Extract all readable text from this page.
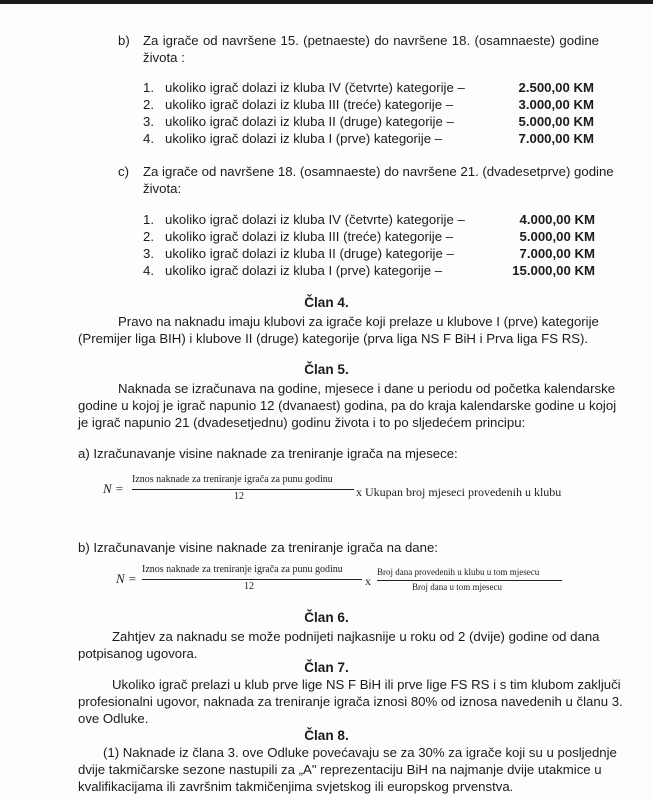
b)	Za igrače od navršene 15. (petnaeste) do navršene 18. (osamnaeste) godine
života :
1. ukoliko igrač dolazi iz kluba IV (četvrte) kategorije –	2.500,00 KM
2. ukoliko igrač dolazi iz kluba III (treće) kategorije –	3.000,00 KM
3. ukoliko igrač dolazi iz kluba II (druge) kategorije –	5.000,00 KM
4. ukoliko igrač dolazi iz kluba I (prve) kategorije –	7.000,00 KM
c)	Za igrače od navršene 18. (osamnaeste) do navršene 21. (dvadesetprve) godine
života:
1. ukoliko igrač dolazi iz kluba IV (četvrte) kategorije –	4.000,00 KM
2. ukoliko igrač dolazi iz kluba III (treće) kategorije –	5.000,00 KM
3. ukoliko igrač dolazi iz kluba II (druge) kategorije –	7.000,00 KM
4. ukoliko igrač dolazi iz kluba I (prve) kategorije –	15.000,00 KM
Član 4.
Pravo na naknadu imaju klubovi za igrače koji prelaze u klubove I (prve) kategorije
(Premijer liga BIH) i klubove II (druge) kategorije (prva liga NS F BiH i Prva liga FS RS).
Član 5.
Naknada se izračunava na godine, mjesece i dane u periodu od početka kalendarske
godine u kojoj je igrač napunio 12 (dvanaest) godina, pa do kraja kalendarske godine u kojoj
je igrač napunio 21 (dvadesetjednu) godinu života i to po sljedećem principu:
a) Izračunavanje visine naknade za treniranje igrača na mjesece:
N =
Iznos naknade za treniranje igrača za punu godinu
12	x Ukupan broj mjeseci provedenih u klubu
b) Izračunavanje visine naknade za treniranje igrača na dane:
N =
Iznos naknade za treniranje igrača za punu godinu
12	x
Broj dana provedenih u klubu u tom mjesecu
Broj dana u tom mjesecu
Član 6.
Zahtjev za naknadu se može podnijeti najkasnije u roku od 2 (dvije) godine od dana
potpisanog ugovora.
Član 7.
Ukoliko igrač prelazi u klub prve lige NS F BiH ili prve lige FS RS i s tim klubom zaključi
profesionalni ugovor, naknada za treniranje igrača iznosi 80% od iznosa navedenih u članu 3.
ove Odluke.
Član 8.
(1) Naknade iz člana 3. ove Odluke povećavaju se za 30% za igrače koji su u posljednje
dvije takmičarske sezone nastupili za „A" reprezentaciju BiH na najmanje dvije utakmice u
kvalifikacijama ili završnim takmičenjima svjetskog ili europskog prvenstva.
